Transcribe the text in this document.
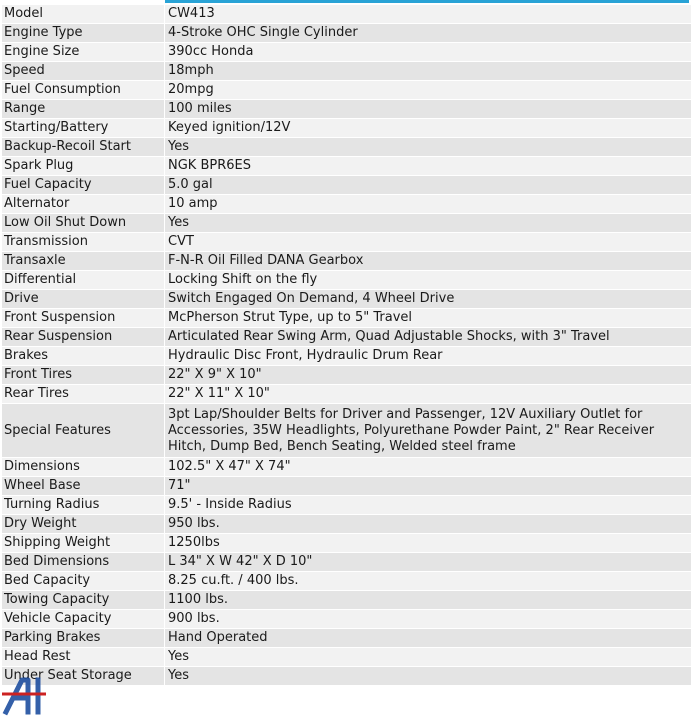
Model	CW413
Engine Type	4-Stroke OHC Single Cylinder
Engine Size	390cc Honda
Speed	18mph
Fuel Consumption	20mpg
Range	100 miles
Starting/Battery	Keyed ignition/12V
Backup-Recoil Start	Yes
Spark Plug	NGK BPR6ES
Fuel Capacity	5.0 gal
Alternator	10 amp
Low Oil Shut Down	Yes
Transmission	CVT
Transaxle	F-N-R Oil Filled DANA Gearbox
Differential	Locking Shift on the fly
Drive	Switch Engaged On Demand, 4 Wheel Drive
Front Suspension	McPherson Strut Type, up to 5" Travel
Rear Suspension	Articulated Rear Swing Arm, Quad Adjustable Shocks, with 3" Travel
Brakes	Hydraulic Disc Front, Hydraulic Drum Rear
Front Tires	22" X 9" X 10"
Rear Tires	22" X 11" X 10"
Special Features	3pt Lap/Shoulder Belts for Driver and Passenger, 12V Auxiliary Outlet for Accessories, 35W Headlights, Polyurethane Powder Paint, 2" Rear Receiver Hitch, Dump Bed, Bench Seating, Welded steel frame
Dimensions	102.5" X 47" X 74"
Wheel Base	71"
Turning Radius	9.5' - Inside Radius
Dry Weight	950 lbs.
Shipping Weight	1250lbs
Bed Dimensions	L 34" X W 42" X D 10"
Bed Capacity	8.25 cu.ft. / 400 lbs.
Towing Capacity	1100 lbs.
Vehicle Capacity	900 lbs.
Parking Brakes	Hand Operated
Head Rest	Yes
Under Seat Storage	Yes
